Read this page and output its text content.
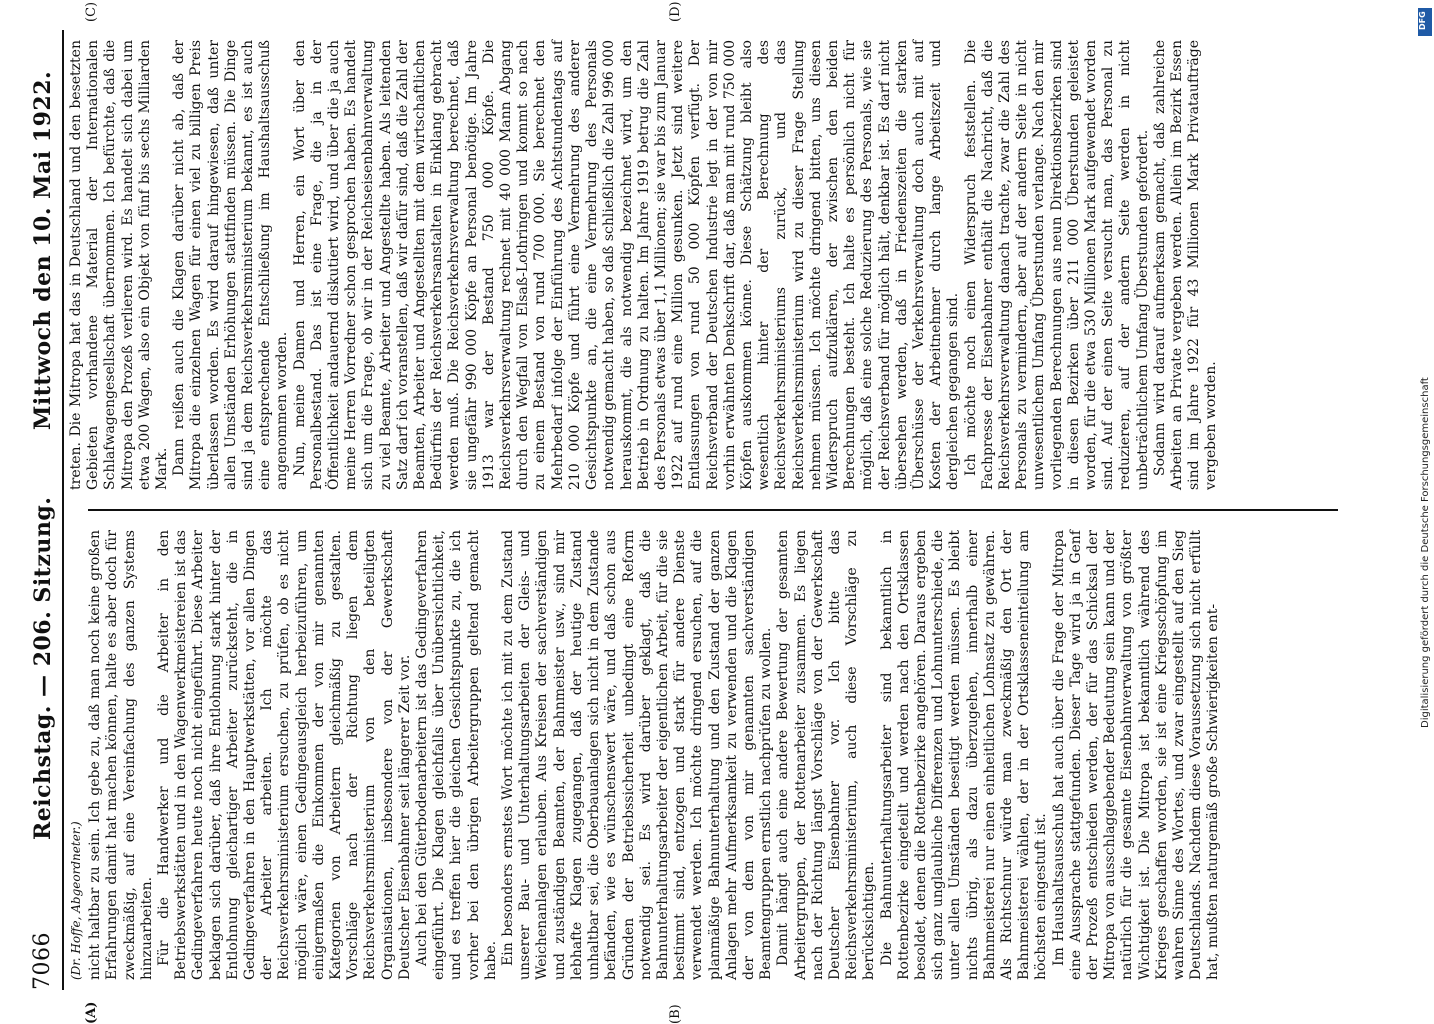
7066
Reichstag. — 206. Sitzung.
Mittwoch den 10. Mai 1922.
(A)	(B)
(C)	(D)
(Dr. Hoffe, Abgeordneter.) nicht haltbar zu sein. Ich gebe zu, daß man noch keine großen Erfahrungen damit hat machen können, halte es aber doch für zweckmäßig, auf eine Vereinfachung des ganzen Systems hinzuarbeiten. Für die Handwerker und die Arbeiter in den Betriebswerkstätten und in den Wagenwerkmeistereien ist das Gedingeverfahren heute noch nicht eingeführt. Diese Arbeiter beklagen sich darüber, daß ihre Entlohnung stark hinter der Entlohnung gleichartiger Arbeiter zurücksteht, die in Gedingeverfahren in den Hauptwerkstätten, vor allen Dingen der Arbeiter arbeiten. Ich möchte das Reichsverkehrsministerium ersuchen, zu prüfen, ob es nicht möglich wäre, einen Gedingeausgleich herbeizuführen, um einigermaßen die Einkommen der von mir genannten Kategorien von Arbeitern gleichmäßig zu gestalten. Vorschläge nach der Richtung liegen dem Reichsverkehrsministerium von den beteiligten Organisationen, insbesondere von der Gewerkschaft Deutscher Eisenbahner seit längerer Zeit vor. Auch bei den Güterbodenarbeitern ist das Gedingeverfahren eingeführt. Die Klagen gleichfalls über Unübersichtlichkeit, und es treffen hier die gleichen Gesichtspunkte zu, die ich vorher bei den übrigen Arbeitergruppen geltend gemacht habe. Ein besonders ernstes Wort möchte ich mit zu dem Zustand unserer Bau- und Unterhaltungsarbeiten der Gleis- und Weichenanlagen erlauben. Aus Kreisen der sachverständigen und zuständigen Beamten, der Bahnmeister usw., sind mir lebhafte Klagen zugegangen, daß der heutige Zustand unhaltbar sei, die Oberbauanlagen sich nicht in dem Zustande befänden, wie es wünschenswert wäre, und daß schon aus Gründen der Betriebssicherheit unbedingt eine Reform notwendig sei. Es wird darüber geklagt, daß die Bahnunterhaltungsarbeiter der eigentlichen Arbeit, für die sie bestimmt sind, entzogen und stark für andere Dienste verwendet werden. Ich möchte dringend ersuchen, auf die planmäßige Bahnunterhaltung und den Zustand der ganzen Anlagen mehr Aufmerksamkeit zu verwenden und die Klagen der von dem von mir genannten sachverständigen Beamtengruppen ernstlich nachprüfen zu wollen. Damit hängt auch eine andere Bewertung der gesamten Arbeitergruppen, der Rottenarbeiter zusammen. Es liegen nach der Richtung längst Vorschläge von der Gewerkschaft Deutscher Eisenbahner vor. Ich bitte das Reichsverkehrsministerium, auch diese Vorschläge zu berücksichtigen. Die Bahnunterhaltungsarbeiter sind bekanntlich in Rottenbezirke eingeteilt und werden nach den Ortsklassen besoldet, denen die Rottenbezirke angehören. Daraus ergeben sich ganz unglaubliche Differenzen und Lohnunterschiede, die unter allen Umständen beseitigt werden müssen. Es bleibt nichts übrig, als dazu überzugehen, innerhalb einer Bahnmeisterei nur einen einheitlichen Lohnsatz zu gewähren. Als Richtschnur würde man zweckmäßig den Ort der Bahnmeisterei wählen, der in der Ortsklasseneinteilung am höchsten eingestuft ist. Im Haushaltsausschuß hat auch über die Frage der Mitropa eine Aussprache stattgefunden. Dieser Tage wird ja in Genf der Prozeß entschieden werden, der für das Schicksal der Mitropa von ausschlaggebender Bedeutung sein kann und der natürlich für die gesamte Eisenbahnverwaltung von größter Wichtigkeit ist. Die Mitropa ist bekanntlich während des Krieges geschaffen worden, sie ist eine Kriegsschöpfung im wahren Sinne des Wortes, und zwar eingestellt auf den Sieg Deutschlands. Nachdem diese Voraussetzung sich nicht erfüllt hat, mußten naturgemäß große Schwierigkeiten ent-

treten. Die Mitropa hat das in Deutschland und den besetzten Gebieten vorhandene Material der Internationalen Schlafwagengesellschaft übernommen. Ich befürchte, daß die Mitropa den Prozeß verlieren wird. Es handelt sich dabei um etwa 200 Wagen, also ein Objekt von fünf bis sechs Milliarden Mark. Dann reißen auch die Klagen darüber nicht ab, daß der Mitropa die einzelnen Wagen für einen viel zu billigen Preis überlassen worden. Es wird darauf hingewiesen, daß unter allen Umständen Erhöhungen stattfinden müssen. Die Dinge sind ja dem Reichsverkehrsministerium bekannt, es ist auch eine entsprechende Entschließung im Haushaltsausschuß angenommen worden. Nun, meine Damen und Herren, ein Wort über den Personalbestand. Das ist eine Frage, die ja in der Öffentlichkeit andauernd diskutiert wird, und über die ja auch meine Herren Vorredner schon gesprochen haben. Es handelt sich um die Frage, ob wir in der Reichseisenbahnverwaltung zu viel Beamte, Arbeiter und Angestellte haben. Als leitenden Satz darf ich voranstellen, daß wir dafür sind, daß die Zahl der Beamten, Arbeiter und Angestellten mit dem wirtschaftlichen Bedürfnis der Reichsverkehrsanstalten in Einklang gebracht werden muß. Die Reichsverkehrsverwaltung berechnet, daß sie ungefähr 990 000 Köpfe an Personal benötige. Im Jahre 1913 war der Bestand 750 000 Köpfe. Die Reichsverkehrsverwaltung rechnet mit 40 000 Mann Abgang durch den Wegfall von Elsaß-Lothringen und kommt so nach zu einem Bestand von rund 700 000. Sie berechnet den Mehrbedarf infolge der Einführung des Achtstundentags auf 210 000 Köpfe und führt eine Vermehrung des anderer Gesichtspunkte an, die eine Vermehrung des Personals notwendig gemacht haben, so daß schließlich die Zahl 996 000 herauskommt, die als notwendig bezeichnet wird, um den Betrieb in Ordnung zu halten. Im Jahre 1919 betrug die Zahl des Personals etwas über 1,1 Millionen; sie war bis zum Januar 1922 auf rund eine Million gesunken. Jetzt sind weitere Entlassungen von rund 50 000 Köpfen verfügt. Der Reichsverband der Deutschen Industrie legt in der von mir vorhin erwähnten Denkschrift dar, daß man mit rund 750 000 Köpfen auskommen könne. Diese Schätzung bleibt also wesentlich hinter der Berechnung des Reichsverkehrsministeriums zurück, und das Reichsverkehrsministerium wird zu dieser Frage Stellung nehmen müssen. Ich möchte dringend bitten, uns diesen Widerspruch aufzuklären, der zwischen den beiden Berechnungen besteht. Ich halte es persönlich nicht für möglich, daß eine solche Reduzierung des Personals, wie sie der Reichsverband für möglich hält, denkbar ist. Es darf nicht übersehen werden, daß in Friedenszeiten die starken Überschüsse der Verkehrsverwaltung doch auch mit auf Kosten der Arbeitnehmer durch lange Arbeitszeit und dergleichen gegangen sind. Ich möchte noch einen Widerspruch feststellen. Die Fachpresse der Eisenbahner enthält die Nachricht, daß die Reichsverkehrsverwaltung danach trachte, zwar die Zahl des Personals zu vermindern, aber auf der andern Seite in nicht unwesentlichem Umfang Überstunden verlange. Nach den mir vorliegenden Berechnungen aus neun Direktionsbezirken sind in diesen Bezirken über 211 000 Überstunden geleistet worden, für die etwa 530 Millionen Mark aufgewendet worden sind. Auf der einen Seite versucht man, das Personal zu reduzieren, auf der andern Seite werden in nicht unbeträchtlichem Umfang Überstunden gefordert. Sodann wird darauf aufmerksam gemacht, daß zahlreiche Arbeiten an Private vergeben werden. Allein im Bezirk Essen sind im Jahre 1922 für 43 Millionen Mark Privataufträge vergeben worden.

DFG
Digitalisierung gefördert durch die Deutsche Forschungsgemeinschaft
